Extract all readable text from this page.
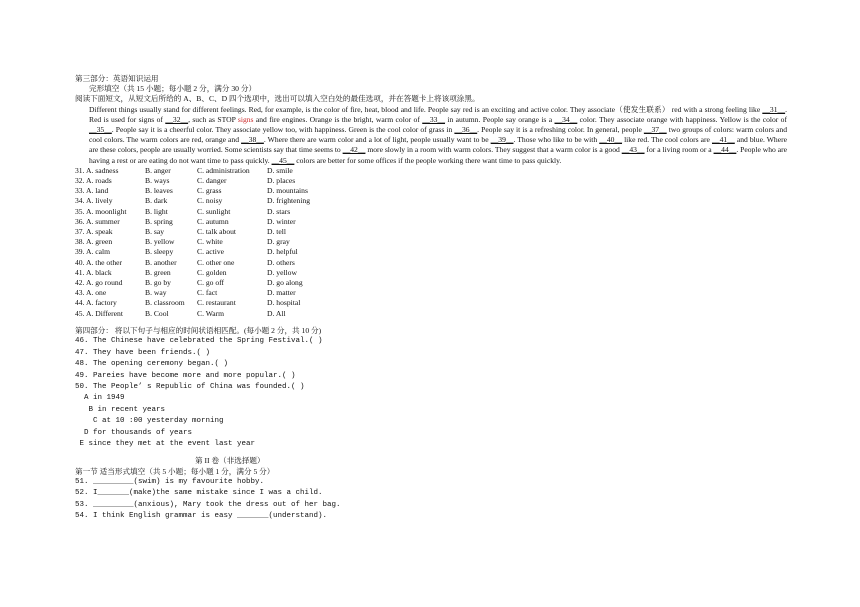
第三部分：英语知识运用

完形填空（共 15 小题；每小题 2 分，满分 30 分）

阅读下面短文，从短文后所给的 A、B、C、D 四个选项中，选出可以填入空白处的最佳选项，并在答题卡上将该项涂黑。

Different things usually stand for different feelings. Red, for example, is the color of fire, heat, blood and life. People say red is an exciting and active color. They associate（使发生联系） red with a strong feeling like __31__. Red is used for signs of __32__, such as STOP signs and fire engines. Orange is the bright, warm color of __33__ in autumn. People say orange is a __34__ color. They associate orange with happiness. Yellow is the color of __35__. People say it is a cheerful color. They associate yellow too, with happiness. Green is the cool color of grass in __36__. People say it is a refreshing color. In general, people __37__ two groups of colors: warm colors and cool colors. The warm colors are red, orange and __38__. Where there are warm color and a lot of light, people usually want to be __39__. Those who like to be with __40__ like red. The cool colors are __41__ and blue. Where are these colors, people are usually worried. Some scientists say that time seems to __42__ more slowly in a room with warm colors. They suggest that a warm color is a good __43__ for a living room or a __44__. People who are having a rest or are eating do not want time to pass quickly. __45__ colors are better for some offices if the people working there want time to pass quickly.

31. A. sadness	B. anger	C. administration	D. smile
32. A. roads	B. ways	C. danger	D. places
33. A. land	B. leaves	C. grass	D. mountains
34. A. lively	B. dark	C. noisy	D. frightening
35. A. moonlight	B. light	C. sunlight	D. stars
36. A. summer	B. spring	C. autumn	D. winter
37. A. speak	B. say	C. talk about	D. tell
38. A. green	B. yellow	C. white	D. gray
39. A. calm	B. sleepy	C. active	D. helpful
40. A. the other	B. another	C. other one	D. others
41. A. black	B. green	C. golden	D. yellow
42. A. go round	B. go by	C. go off	D. go along
43. A. one	B. way	C. fact	D. matter
44. A. factory	B. classroom	C. restaurant	D. hospital
45. A. Different	B. Cool	C. Warm	D. All

第四部分： 将以下句子与相应的时间状语相匹配。(每小题 2 分，共 10 分)

46. The Chinese have celebrated the Spring Festival.( )

47. They have been friends.( )

48. The opening ceremony began.( )

49. Pareies have become more and more popular.( )

50. The People’ s Republic of China was founded.( )

A in 1949

B in recent years

C at 10 :00 yesterday morning

D for thousands of years

E since they met at the event last year

第 II 卷（非选择题）

第一节 适当形式填空（共 5 小题；每小题 1 分，满分 5 分）

51. _________(swim) is my favourite hobby.

52. I_______(make)the same mistake since I was a child.

53. _________(anxious), Mary took the dress out of her bag.

54. I think English grammar is easy _______(understand).
